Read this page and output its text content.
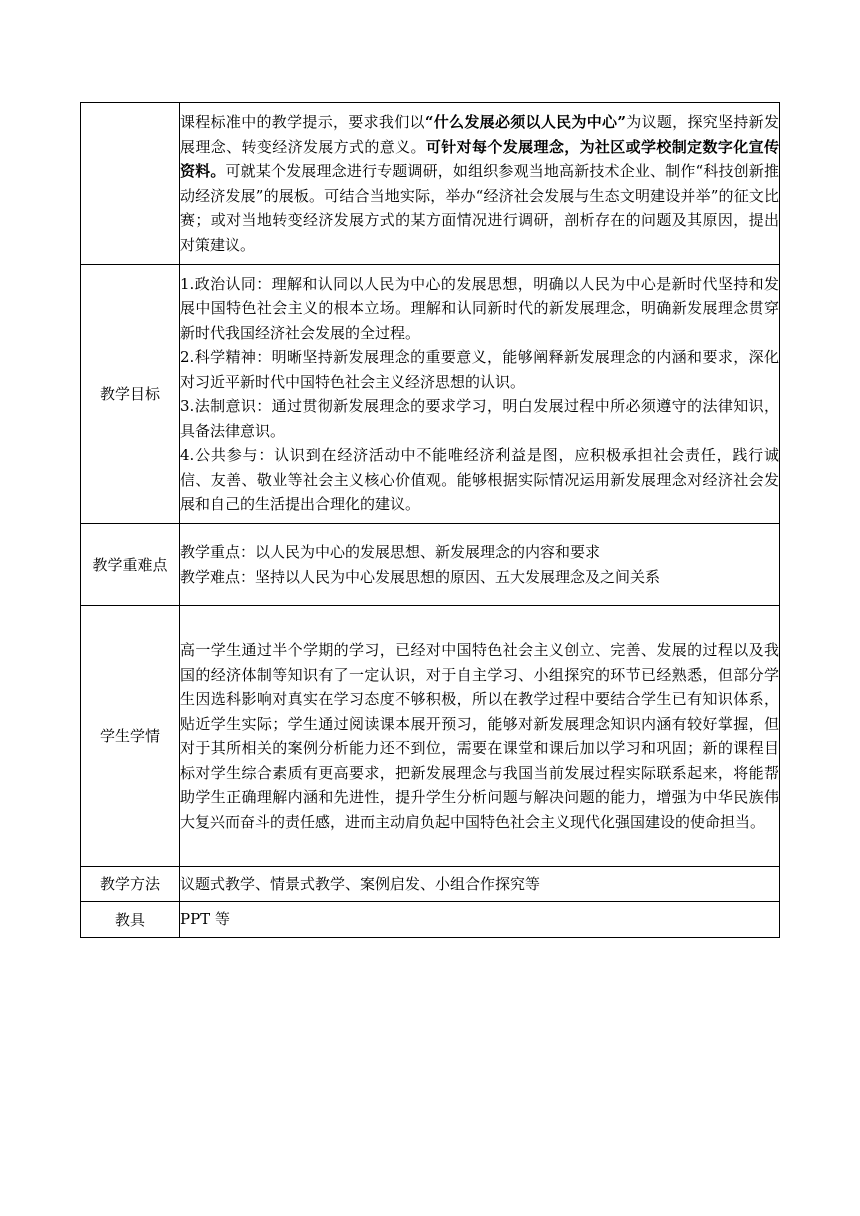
	课程标准中的教学提示，要求我们以“什么发展必须以人民为中心”为议题，探究坚持新发展理念、转变经济发展方式的意义。可针对每个发展理念，为社区或学校制定数字化宣传资料。可就某个发展理念进行专题调研，如组织参观当地高新技术企业、制作“科技创新推动经济发展”的展板。可结合当地实际，举办“经济社会发展与生态文明建设并举”的征文比赛；或对当地转变经济发展方式的某方面情况进行调研，剖析存在的问题及其原因，提出对策建议。

教学目标	1.政治认同：理解和认同以人民为中心的发展思想，明确以人民为中心是新时代坚持和发展中国特色社会主义的根本立场。理解和认同新时代的新发展理念，明确新发展理念贯穿新时代我国经济社会发展的全过程。

2.科学精神：明晰坚持新发展理念的重要意义，能够阐释新发展理念的内涵和要求，深化对习近平新时代中国特色社会主义经济思想的认识。

3.法制意识：通过贯彻新发展理念的要求学习，明白发展过程中所必须遵守的法律知识，具备法律意识。

4.公共参与：认识到在经济活动中不能唯经济利益是图，应积极承担社会责任，践行诚信、友善、敬业等社会主义核心价值观。能够根据实际情况运用新发展理念对经济社会发展和自己的生活提出合理化的建议。

教学重难点	教学重点：以人民为中心的发展思想、新发展理念的内容和要求

教学难点：坚持以人民为中心发展思想的原因、五大发展理念及之间关系

学生学情	高一学生通过半个学期的学习，已经对中国特色社会主义创立、完善、发展的过程以及我国的经济体制等知识有了一定认识，对于自主学习、小组探究的环节已经熟悉，但部分学生因选科影响对真实在学习态度不够积极，所以在教学过程中要结合学生已有知识体系，贴近学生实际；学生通过阅读课本展开预习，能够对新发展理念知识内涵有较好掌握，但对于其所相关的案例分析能力还不到位，需要在课堂和课后加以学习和巩固；新的课程目标对学生综合素质有更高要求，把新发展理念与我国当前发展过程实际联系起来，将能帮助学生正确理解内涵和先进性，提升学生分析问题与解决问题的能力，增强为中华民族伟大复兴而奋斗的责任感，进而主动肩负起中国特色社会主义现代化强国建设的使命担当。

教学方法	议题式教学、情景式教学、案例启发、小组合作探究等

教具	PPT 等
